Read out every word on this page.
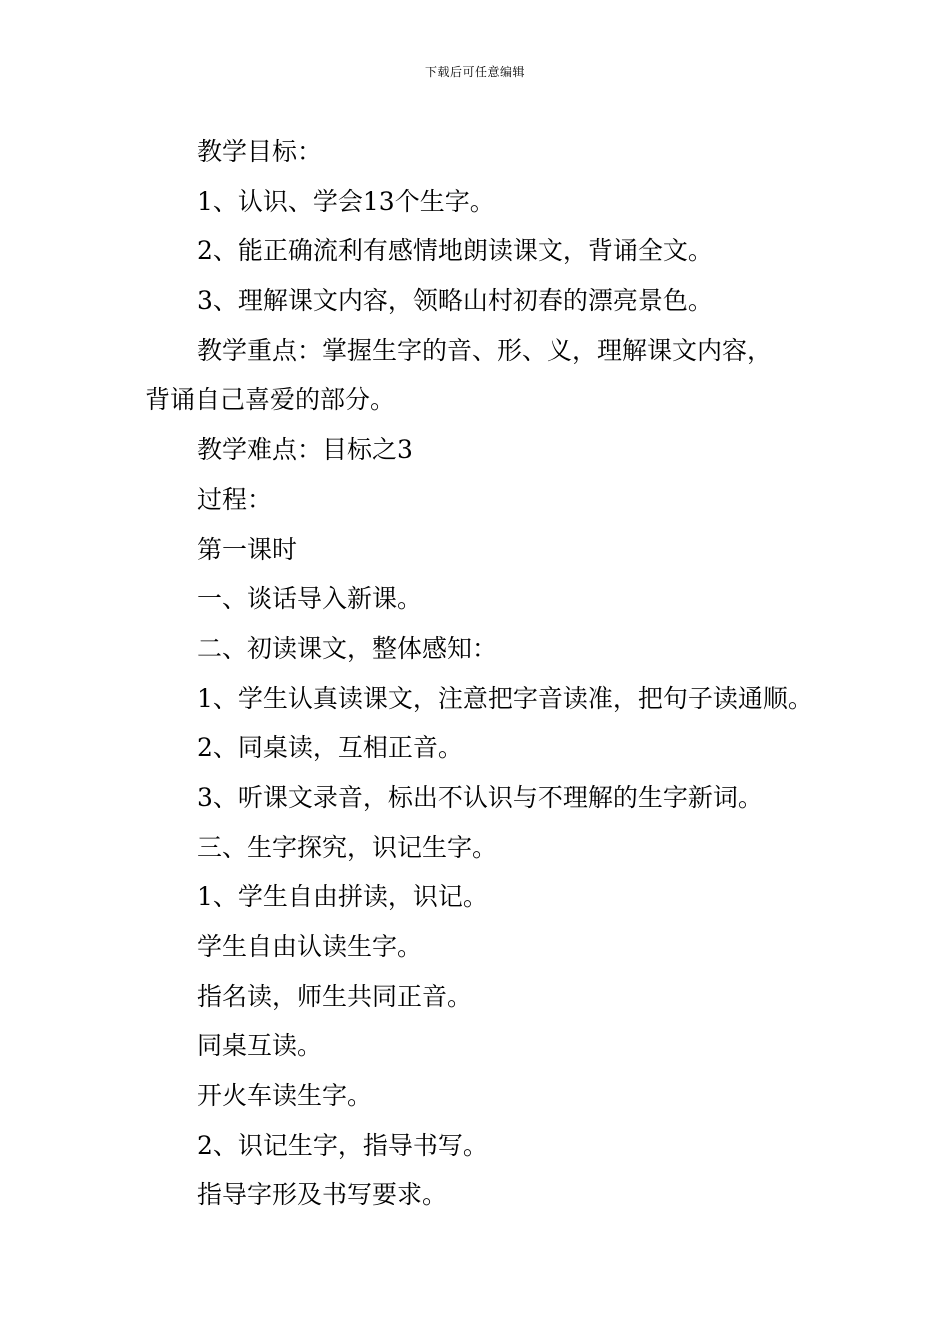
下载后可任意编辑

教学目标：

1、认识、学会13个生字。

2、能正确流利有感情地朗读课文，背诵全文。

3、理解课文内容，领略山村初春的漂亮景色。

教学重点：掌握生字的音、形、义，理解课文内容，

背诵自己喜爱的部分。

教学难点：目标之3

过程：

第一课时

一、谈话导入新课。

二、初读课文，整体感知：

1、学生认真读课文，注意把字音读准，把句子读通顺。

2、同桌读，互相正音。

3、听课文录音，标出不认识与不理解的生字新词。

三、生字探究，识记生字。

1、学生自由拼读，识记。

学生自由认读生字。

指名读，师生共同正音。

同桌互读。

开火车读生字。

2、识记生字，指导书写。

指导字形及书写要求。
